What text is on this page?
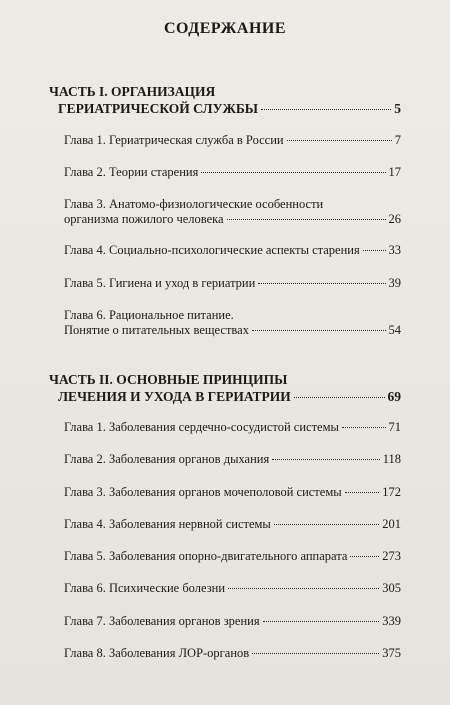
СОДЕРЖАНИЕ
ЧАСТЬ I. ОРГАНИЗАЦИЯ
ГЕРИАТРИЧЕСКОЙ СЛУЖБЫ	5
Глава 1. Гериатрическая служба в России	7
Глава 2. Теории старения	17
Глава 3. Анатомо-физиологические особенности
организма пожилого человека	26
Глава 4. Социально-психологические аспекты старения 33
Глава 5. Гигиена и уход в гериатрии	39
Глава 6. Рациональное питание.
Понятие о питательных веществах	54
ЧАСТЬ II. ОСНОВНЫЕ ПРИНЦИПЫ
ЛЕЧЕНИЯ И УХОДА В ГЕРИАТРИИ	69
Глава 1. Заболевания сердечно-сосудистой системы	71
Глава 2. Заболевания органов дыхания	118
Глава 3. Заболевания органов мочеполовой системы	172
Глава 4. Заболевания нервной системы	201
Глава 5. Заболевания опорно-двигательного аппарата	273
Глава 6. Психические болезни	305
Глава 7. Заболевания органов зрения	339
Глава 8. Заболевания ЛОР-органов	375
